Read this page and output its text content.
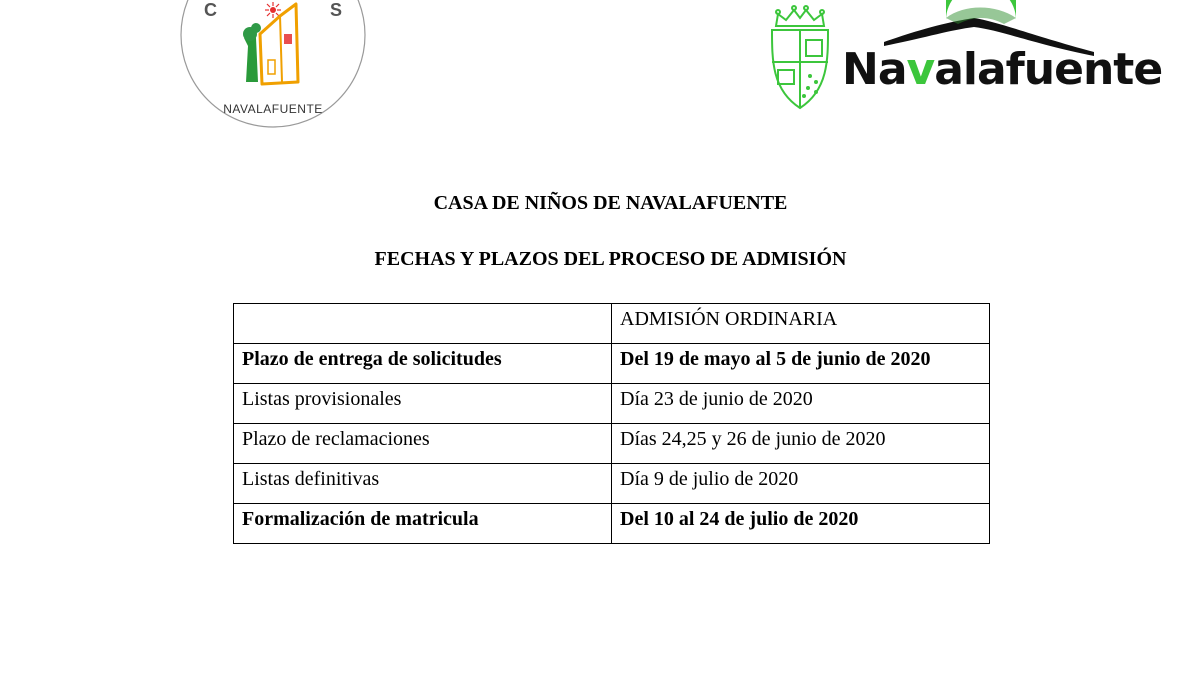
C	S
NAVALAFUENTE
Navalafuente
CASA DE NIÑOS DE NAVALAFUENTE
FECHAS Y PLAZOS DEL PROCESO DE ADMISIÓN
	ADMISIÓN ORDINARIA
Plazo de entrega de solicitudes	Del 19 de mayo al 5 de junio de 2020
Listas provisionales	Día 23 de junio de 2020
Plazo de reclamaciones	Días 24,25 y 26 de junio de 2020
Listas definitivas	Día 9 de julio de 2020
Formalización de matricula	Del 10 al 24 de julio de 2020
